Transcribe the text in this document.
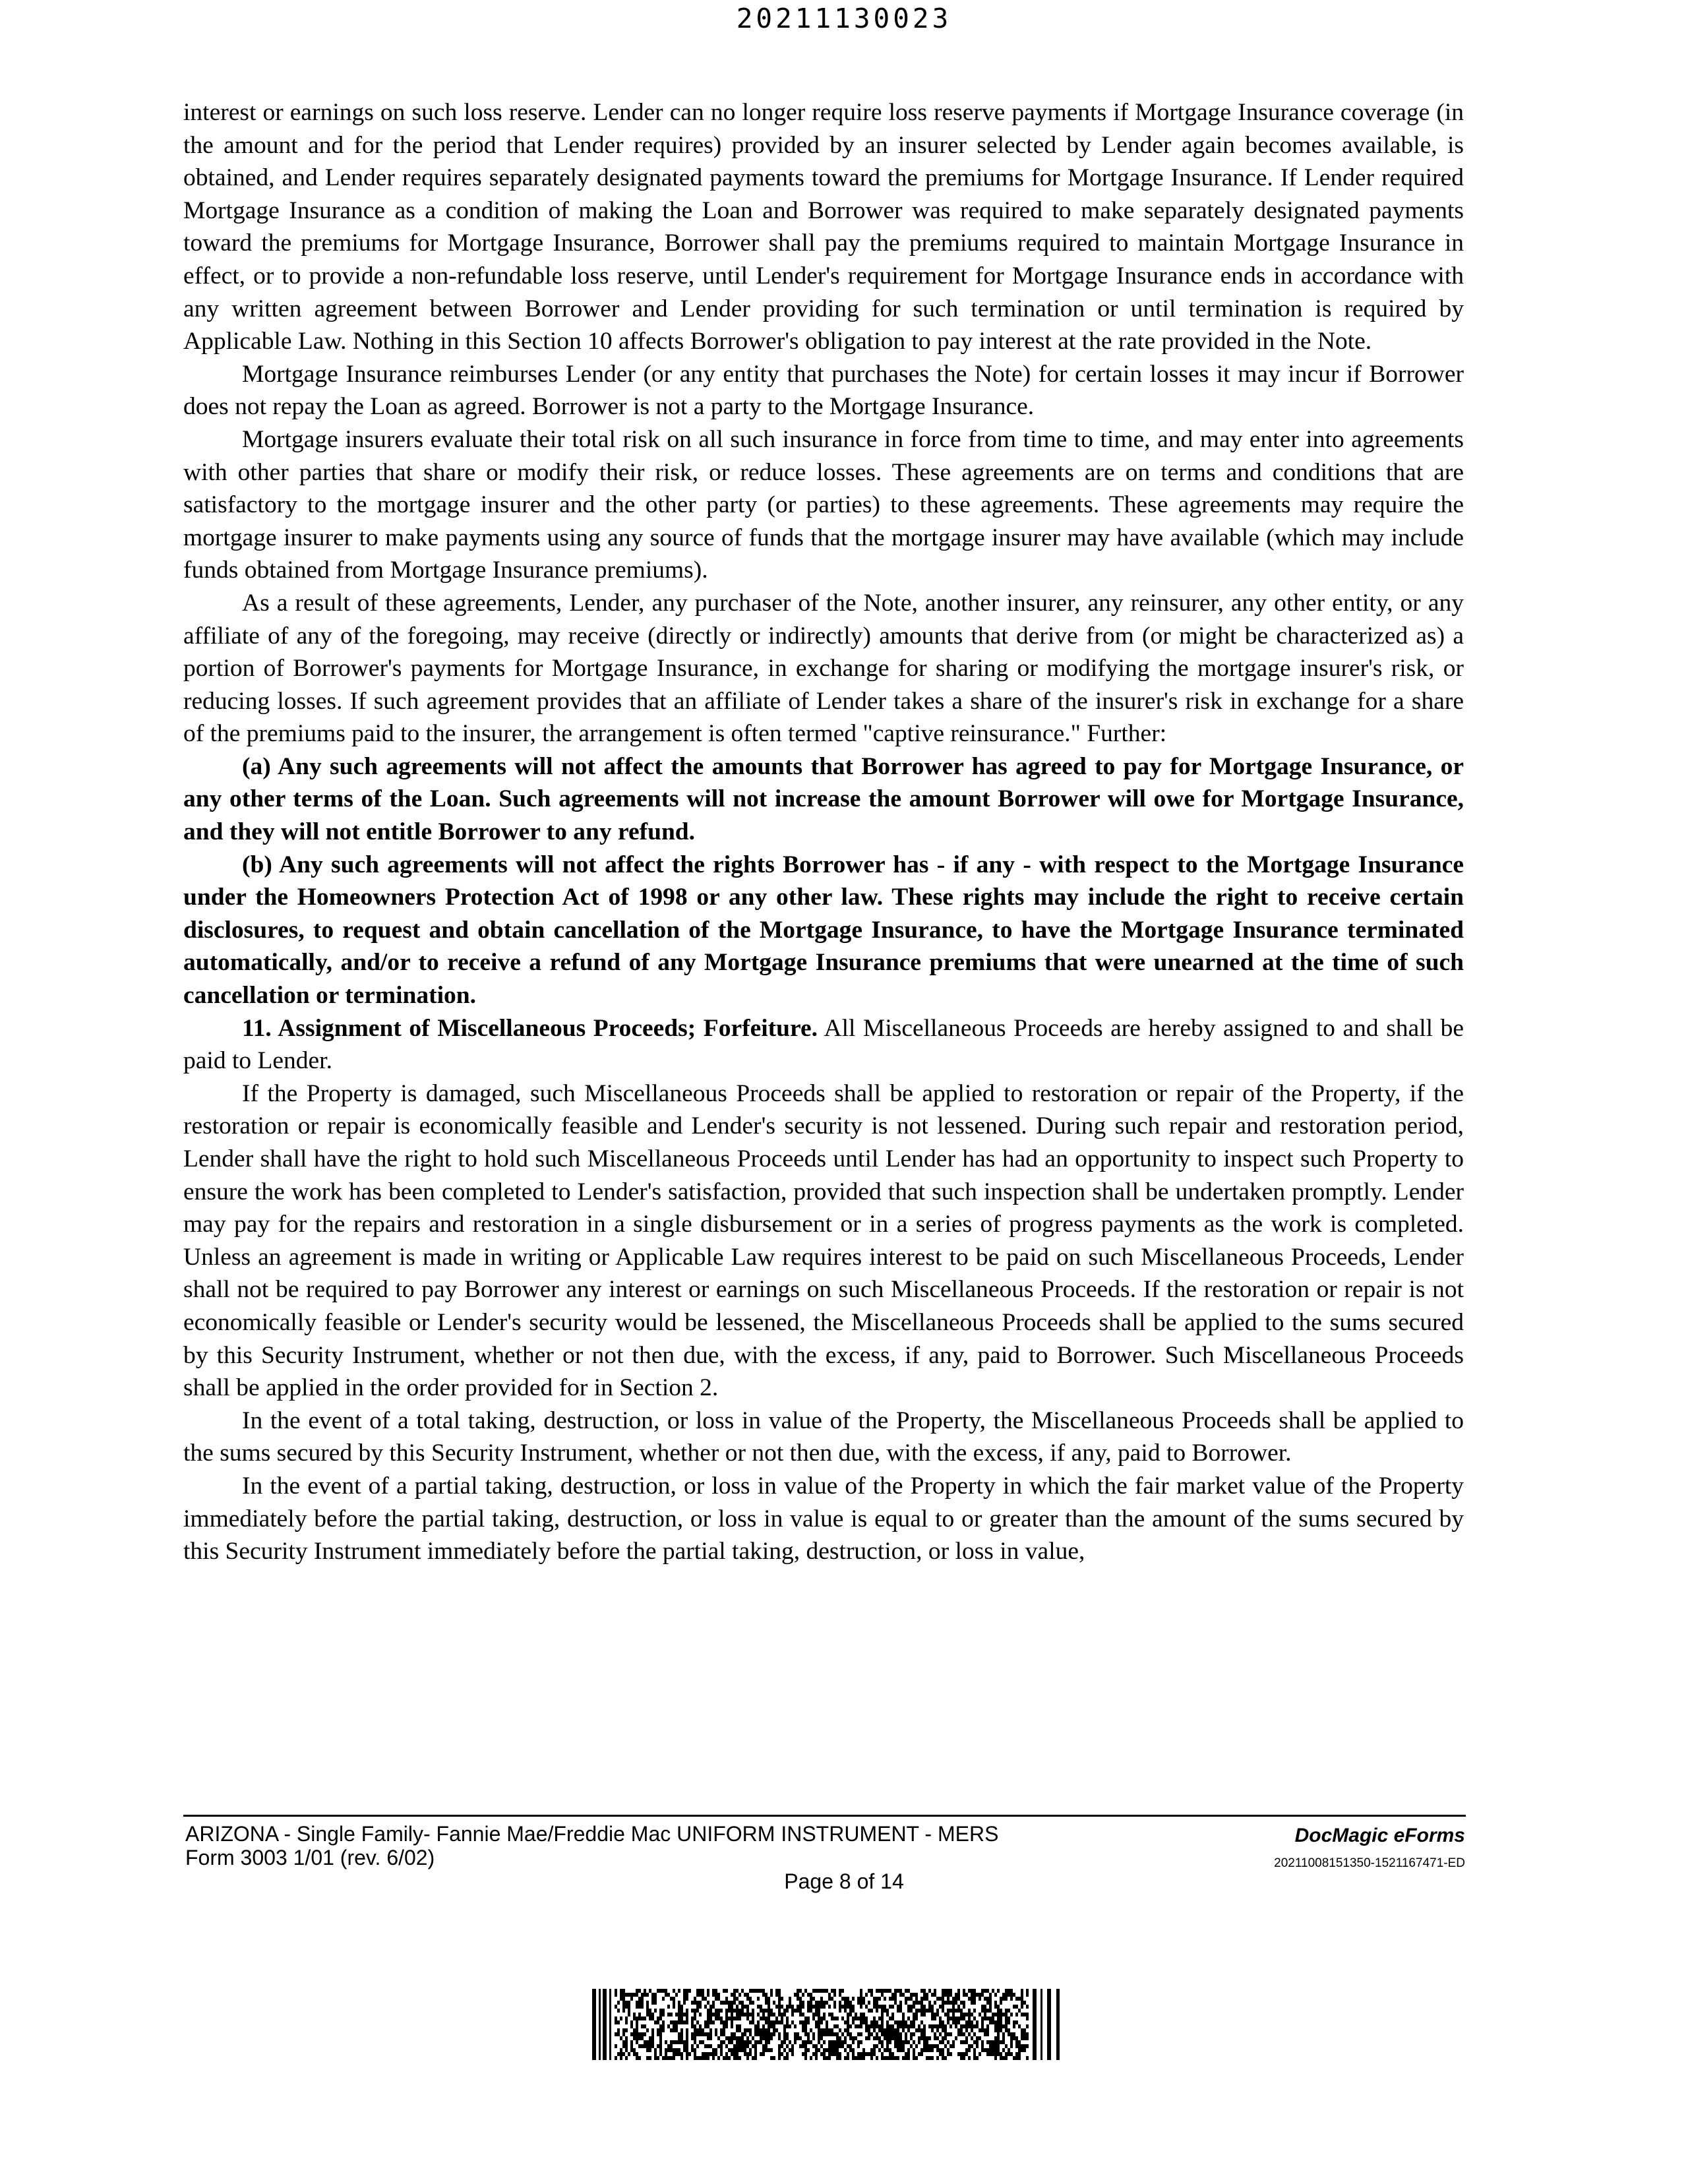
20211130023

interest or earnings on such loss reserve. Lender can no longer require loss reserve payments if Mortgage Insurance coverage (in the amount and for the period that Lender requires) provided by an insurer selected by Lender again becomes available, is obtained, and Lender requires separately designated payments toward the premiums for Mortgage Insurance. If Lender required Mortgage Insurance as a condition of making the Loan and Borrower was required to make separately designated payments toward the premiums for Mortgage Insurance, Borrower shall pay the premiums required to maintain Mortgage Insurance in effect, or to provide a non-refundable loss reserve, until Lender's requirement for Mortgage Insurance ends in accordance with any written agreement between Borrower and Lender providing for such termination or until termination is required by Applicable Law. Nothing in this Section 10 affects Borrower's obligation to pay interest at the rate provided in the Note.

Mortgage Insurance reimburses Lender (or any entity that purchases the Note) for certain losses it may incur if Borrower does not repay the Loan as agreed. Borrower is not a party to the Mortgage Insurance.

Mortgage insurers evaluate their total risk on all such insurance in force from time to time, and may enter into agreements with other parties that share or modify their risk, or reduce losses. These agreements are on terms and conditions that are satisfactory to the mortgage insurer and the other party (or parties) to these agreements. These agreements may require the mortgage insurer to make payments using any source of funds that the mortgage insurer may have available (which may include funds obtained from Mortgage Insurance premiums).

As a result of these agreements, Lender, any purchaser of the Note, another insurer, any reinsurer, any other entity, or any affiliate of any of the foregoing, may receive (directly or indirectly) amounts that derive from (or might be characterized as) a portion of Borrower's payments for Mortgage Insurance, in exchange for sharing or modifying the mortgage insurer's risk, or reducing losses. If such agreement provides that an affiliate of Lender takes a share of the insurer's risk in exchange for a share of the premiums paid to the insurer, the arrangement is often termed "captive reinsurance." Further:

(a) Any such agreements will not affect the amounts that Borrower has agreed to pay for Mortgage Insurance, or any other terms of the Loan. Such agreements will not increase the amount Borrower will owe for Mortgage Insurance, and they will not entitle Borrower to any refund.

(b) Any such agreements will not affect the rights Borrower has - if any - with respect to the Mortgage Insurance under the Homeowners Protection Act of 1998 or any other law. These rights may include the right to receive certain disclosures, to request and obtain cancellation of the Mortgage Insurance, to have the Mortgage Insurance terminated automatically, and/or to receive a refund of any Mortgage Insurance premiums that were unearned at the time of such cancellation or termination.

11. Assignment of Miscellaneous Proceeds; Forfeiture. All Miscellaneous Proceeds are hereby assigned to and shall be paid to Lender.

If the Property is damaged, such Miscellaneous Proceeds shall be applied to restoration or repair of the Property, if the restoration or repair is economically feasible and Lender's security is not lessened. During such repair and restoration period, Lender shall have the right to hold such Miscellaneous Proceeds until Lender has had an opportunity to inspect such Property to ensure the work has been completed to Lender's satisfaction, provided that such inspection shall be undertaken promptly. Lender may pay for the repairs and restoration in a single disbursement or in a series of progress payments as the work is completed. Unless an agreement is made in writing or Applicable Law requires interest to be paid on such Miscellaneous Proceeds, Lender shall not be required to pay Borrower any interest or earnings on such Miscellaneous Proceeds. If the restoration or repair is not economically feasible or Lender's security would be lessened, the Miscellaneous Proceeds shall be applied to the sums secured by this Security Instrument, whether or not then due, with the excess, if any, paid to Borrower. Such Miscellaneous Proceeds shall be applied in the order provided for in Section 2.

In the event of a total taking, destruction, or loss in value of the Property, the Miscellaneous Proceeds shall be applied to the sums secured by this Security Instrument, whether or not then due, with the excess, if any, paid to Borrower.

In the event of a partial taking, destruction, or loss in value of the Property in which the fair market value of the Property immediately before the partial taking, destruction, or loss in value is equal to or greater than the amount of the sums secured by this Security Instrument immediately before the partial taking, destruction, or loss in value,

ARIZONA - Single Family- Fannie Mae/Freddie Mac UNIFORM INSTRUMENT - MERS
Form 3003 1/01 (rev. 6/02)
Page 8 of 14
DocMagic eForms
20211008151350-1521167471-ED
